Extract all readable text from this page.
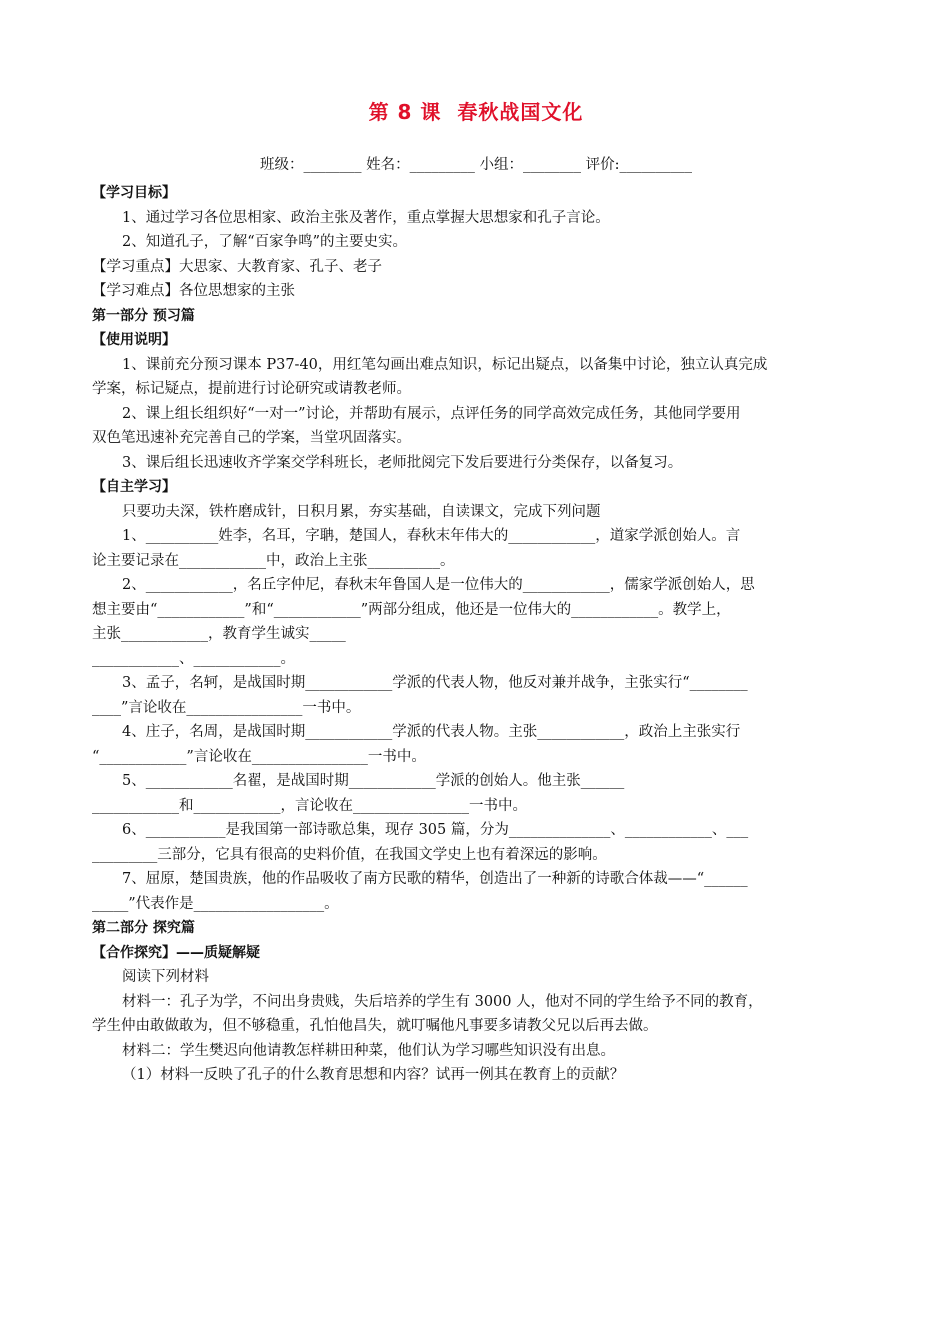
第 8 课 春秋战国文化
班级：________ 姓名：_________ 小组：________ 评价:__________
【学习目标】
1、通过学习各位思相家、政治主张及著作，重点掌握大思想家和孔子言论。
2、知道孔子，了解“百家争鸣”的主要史实。
【学习重点】大思家、大教育家、孔子、老子
【学习难点】各位思想家的主张
第一部分 预习篇
【使用说明】
1、课前充分预习课本 P37-40，用红笔勾画出难点知识，标记出疑点，以备集中讨论，独立认真完成
学案，标记疑点，提前进行讨论研究或请教老师。
2、课上组长组织好“一对一”讨论，并帮助有展示，点评任务的同学高效完成任务，其他同学要用
双色笔迅速补充完善自己的学案，当堂巩固落实。
3、课后组长迅速收齐学案交学科班长，老师批阅完下发后要进行分类保存，以备复习。
【自主学习】
只要功夫深，铁杵磨成针，日积月累，夯实基础，自读课文，完成下列问题
1、__________姓李，名耳，字聃，楚国人，春秋末年伟大的____________，道家学派创始人。言
论主要记录在____________中，政治上主张__________。
2、____________，名丘字仲尼，春秋末年鲁国人是一位伟大的____________，儒家学派创始人，思
想主要由“____________”和“____________”两部分组成，他还是一位伟大的____________。教学上，
主张____________，教育学生诚实_____
____________、____________。
3、孟子，名轲，是战国时期____________学派的代表人物，他反对兼并战争，主张实行“________
____”言论收在________________一书中。
4、庄子，名周，是战国时期____________学派的代表人物。主张____________，政治上主张实行
“____________”言论收在________________一书中。
5、____________名翟，是战国时期____________学派的创始人。他主张______
____________和____________，言论收在________________一书中。
6、___________是我国第一部诗歌总集，现存 305 篇，分为______________、____________、___
_________三部分，它具有很高的史料价值，在我国文学史上也有着深远的影响。
7、屈原，楚国贵族，他的作品吸收了南方民歌的精华，创造出了一种新的诗歌合体裁——“______
_____”代表作是__________________。
第二部分 探究篇
【合作探究】——质疑解疑
阅读下列材料
材料一：孔子为学，不问出身贵贱，失后培养的学生有 3000 人，他对不同的学生给予不同的教育，
学生仲由敢做敢为，但不够稳重，孔怕他昌失，就叮嘱他凡事要多请教父兄以后再去做。
材料二：学生樊迟向他请教怎样耕田种菜，他们认为学习哪些知识没有出息。
（1）材料一反映了孔子的什么教育思想和内容？试再一例其在教育上的贡献？
